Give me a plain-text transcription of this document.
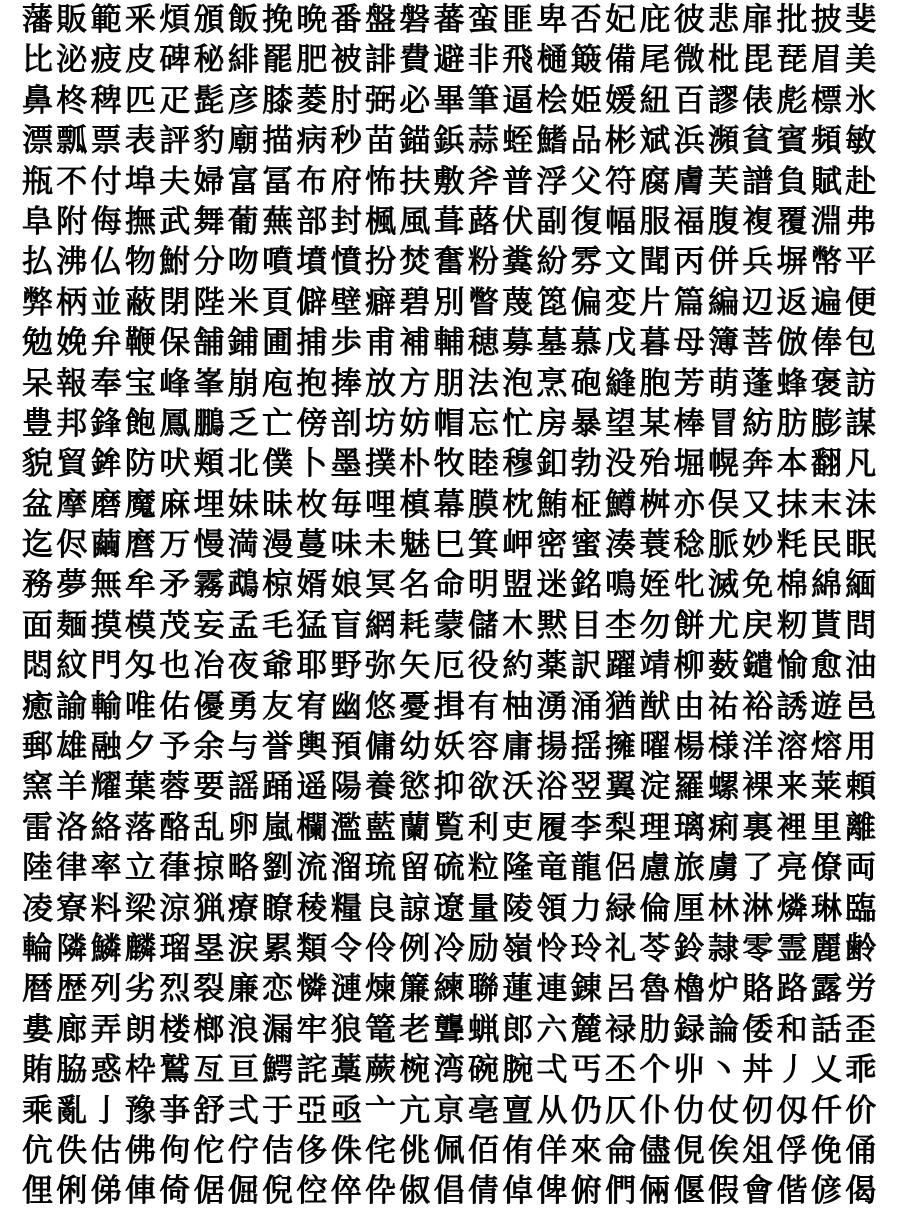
藩販範釆煩頒飯挽晩番盤磐蕃蛮匪卑否妃庇彼悲扉批披斐
比泌疲皮碑秘緋罷肥被誹費避非飛樋簸備尾微枇毘琵眉美
鼻柊稗匹疋髭彦膝菱肘弼必畢筆逼桧姫媛紐百謬俵彪標氷
漂瓢票表評豹廟描病秒苗錨鋲蒜蛭鰭品彬斌浜瀕貧賓頻敏
瓶不付埠夫婦富冨布府怖扶敷斧普浮父符腐膚芙譜負賦赴
阜附侮撫武舞葡蕪部封楓風葺蕗伏副復幅服福腹複覆淵弗
払沸仏物鮒分吻噴墳憤扮焚奮粉糞紛雰文聞丙併兵塀幣平
弊柄並蔽閉陛米頁僻壁癖碧別瞥蔑箆偏変片篇編辺返遍便
勉娩弁鞭保舗鋪圃捕歩甫補輔穂募墓慕戊暮母簿菩倣俸包
呆報奉宝峰峯崩庖抱捧放方朋法泡烹砲縫胞芳萌蓬蜂褒訪
豊邦鋒飽鳳鵬乏亡傍剖坊妨帽忘忙房暴望某棒冒紡肪膨謀
貌貿鉾防吠頬北僕卜墨撲朴牧睦穆釦勃没殆堀幌奔本翻凡
盆摩磨魔麻埋妹昧枚毎哩槙幕膜枕鮪柾鱒桝亦俣又抹末沫
迄侭繭麿万慢満漫蔓味未魅巳箕岬密蜜湊蓑稔脈妙粍民眠
務夢無牟矛霧鵡椋婿娘冥名命明盟迷銘鳴姪牝滅免棉綿緬
面麺摸模茂妄孟毛猛盲網耗蒙儲木黙目杢勿餅尤戻籾貰問
悶紋門匁也冶夜爺耶野弥矢厄役約薬訳躍靖柳薮鑓愉愈油
癒諭輸唯佑優勇友宥幽悠憂揖有柚湧涌猶猷由祐裕誘遊邑
郵雄融夕予余与誉輿預傭幼妖容庸揚揺擁曜楊様洋溶熔用
窯羊耀葉蓉要謡踊遥陽養慾抑欲沃浴翌翼淀羅螺裸来莱頼
雷洛絡落酪乱卵嵐欄濫藍蘭覧利吏履李梨理璃痢裏裡里離
陸律率立葎掠略劉流溜琉留硫粒隆竜龍侶慮旅虜了亮僚両
凌寮料梁涼猟療瞭稜糧良諒遼量陵領力緑倫厘林淋燐琳臨
輪隣鱗麟瑠塁涙累類令伶例冷励嶺怜玲礼苓鈴隷零霊麗齢
暦歴列劣烈裂廉恋憐漣煉簾練聯蓮連錬呂魯櫓炉賂路露労
婁廊弄朗楼榔浪漏牢狼篭老聾蝋郎六麓禄肋録論倭和話歪
賄脇惑枠鷲亙亘鰐詫藁蕨椀湾碗腕弌丐丕个丱丶丼丿乂乖
乘亂亅豫亊舒弍于亞亟亠亢亰亳亶从仍仄仆仂仗仞仭仟价
伉佚估佛佝佗佇佶侈侏侘佻佩佰侑佯來侖儘俔俟俎俘俛俑
俚俐俤俥倚倨倔倪倥倅伜俶倡倩倬俾俯們倆偃假會偕偐偈
